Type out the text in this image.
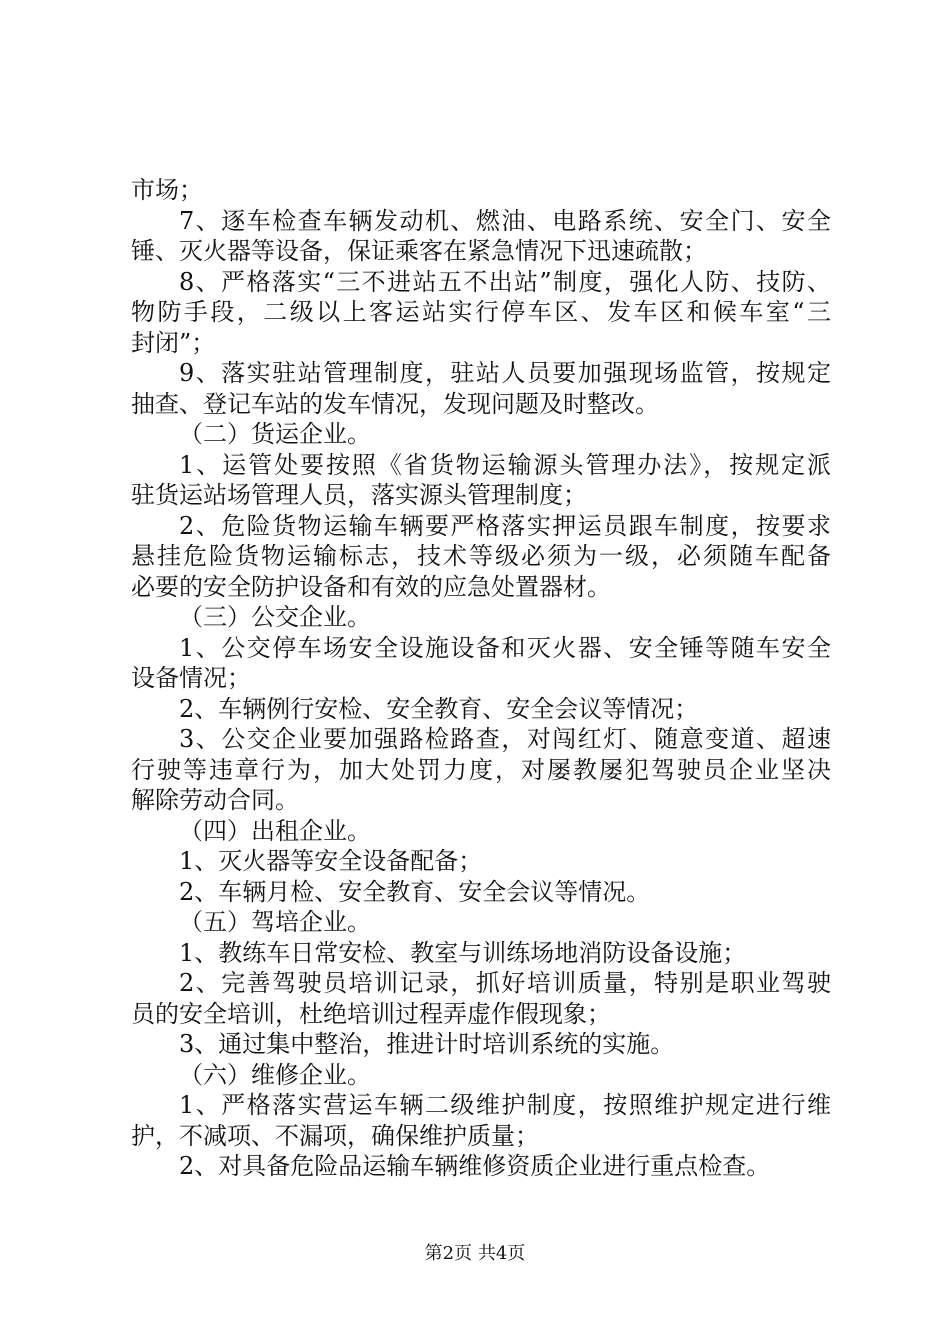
市场；
7、逐车检查车辆发动机、燃油、电路系统、安全门、安全
锤、灭火器等设备，保证乘客在紧急情况下迅速疏散；
8、严格落实“三不进站五不出站”制度，强化人防、技防、
物防手段，二级以上客运站实行停车区、发车区和候车室“三
封闭”；
9、落实驻站管理制度，驻站人员要加强现场监管，按规定
抽查、登记车站的发车情况，发现问题及时整改。
（二）货运企业。
1、运管处要按照《省货物运输源头管理办法》，按规定派
驻货运站场管理人员，落实源头管理制度；
2、危险货物运输车辆要严格落实押运员跟车制度，按要求
悬挂危险货物运输标志，技术等级必须为一级，必须随车配备
必要的安全防护设备和有效的应急处置器材。
（三）公交企业。
1、公交停车场安全设施设备和灭火器、安全锤等随车安全
设备情况；
2、车辆例行安检、安全教育、安全会议等情况；
3、公交企业要加强路检路查，对闯红灯、随意变道、超速
行驶等违章行为，加大处罚力度，对屡教屡犯驾驶员企业坚决
解除劳动合同。
（四）出租企业。
1、灭火器等安全设备配备；
2、车辆月检、安全教育、安全会议等情况。
（五）驾培企业。
1、教练车日常安检、教室与训练场地消防设备设施；
2、完善驾驶员培训记录，抓好培训质量，特别是职业驾驶
员的安全培训，杜绝培训过程弄虚作假现象；
3、通过集中整治，推进计时培训系统的实施。
（六）维修企业。
1、严格落实营运车辆二级维护制度，按照维护规定进行维
护，不减项、不漏项，确保维护质量；
2、对具备危险品运输车辆维修资质企业进行重点检查。
第2页 共4页
